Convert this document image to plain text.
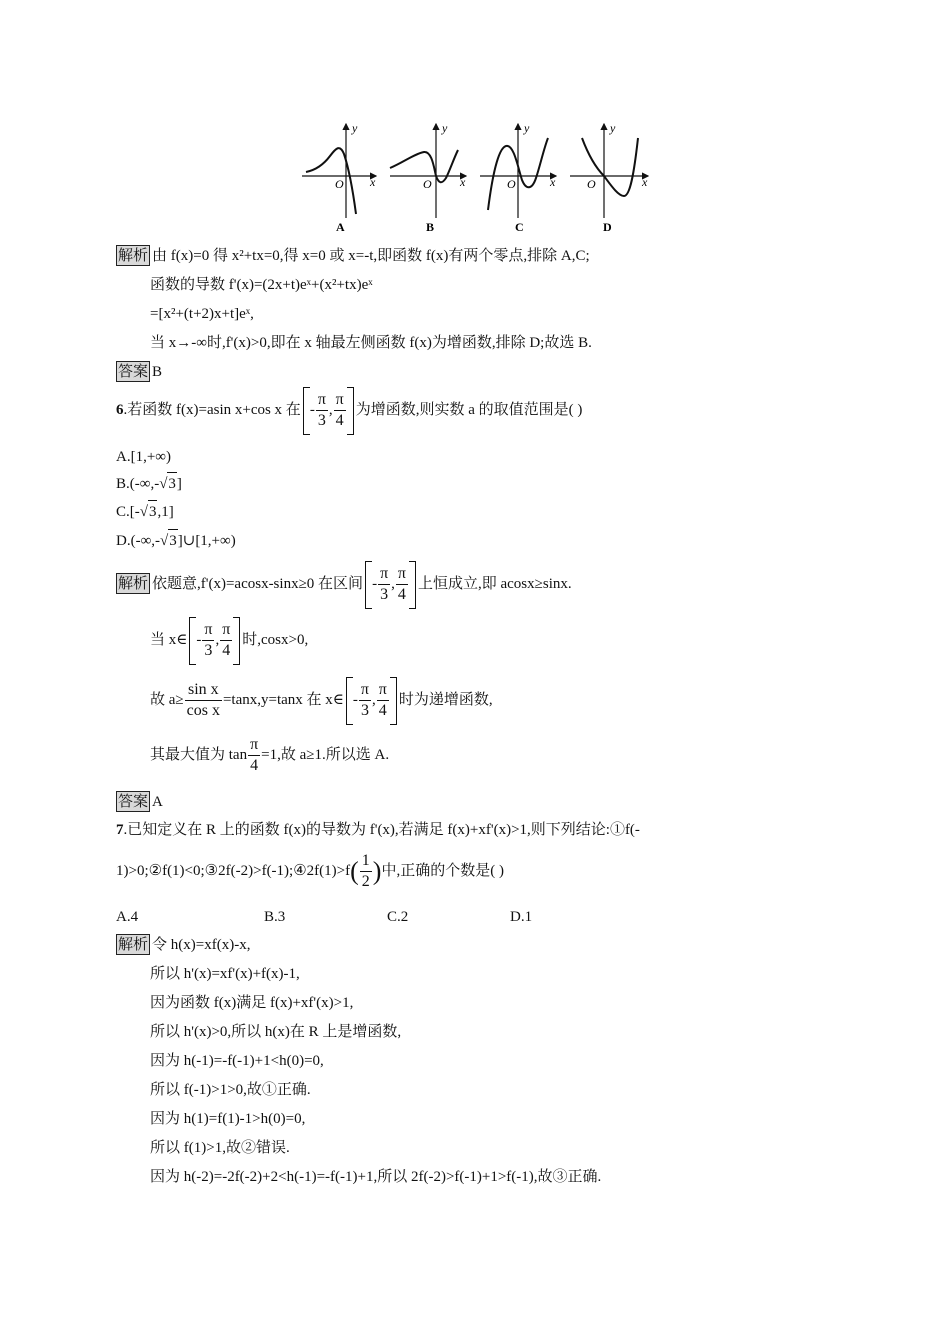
y
x
O
A
y
x
O
B
y
x
O
C
y
x
O
D
解析 由 f(x)=0 得 x²+tx=0,得 x=0 或 x=-t,即函数 f(x)有两个零点,排除 A,C;
函数的导数 f'(x)=(2x+t)eˣ+(x²+tx)eˣ
=[x²+(t+2)x+t]eˣ,
当 x→-∞时,f'(x)>0,即在 x 轴最左侧函数 f(x)为增函数,排除 D;故选 B.
答案 B
6.若函数 f(x)=asin x+cos x 在 - $\frac{\pi}{3}$ , $\frac{\pi}{4}$ 为增函数,则实数 a 的取值范围是( )
A.[1,+∞)
B.(-∞,-√3]
C.[-√3,1]
D.(-∞,-√3]∪[1,+∞)
解析 依题意,f'(x)=acosx-sinx≥0 在区间 - $\frac{\pi}{3}$ , $\frac{\pi}{4}$ 上恒成立,即 acosx≥sinx.
当 x∈ - $\frac{\pi}{3}$ , $\frac{\pi}{4}$ 时,cosx>0,
故 $a\ge \frac{\text{sin x}}{\text{cos x}} =\tan x,y=\tan x$ 在 x∈ - $\frac{\pi}{3}$ , $\frac{\pi}{4}$ 时为递增函数,
其最大值为 $\tan \frac{\pi}{4} =1$,故 a≥1.所以选 A.
答案 A
7.已知定义在 R 上的函数 f(x)的导数为 f'(x),若满足 f(x)+xf'(x)>1,则下列结论:①f(-
1)>0;②f(1)<0;③2f(-2)>f(-1);④2f(1)>f( $\frac{1}{2}$ )中,正确的个数是( )
A.4	B.3	C.2	D.1
解析 令 h(x)=xf(x)-x,
所以 h'(x)=xf'(x)+f(x)-1,
因为函数 f(x)满足 f(x)+xf'(x)>1,
所以 h'(x)>0,所以 h(x)在 R 上是增函数,
因为 h(-1)=-f(-1)+1<h(0)=0,
所以 f(-1)>1>0,故①正确.
因为 h(1)=f(1)-1>h(0)=0,
所以 f(1)>1,故②错误.
因为 h(-2)=-2f(-2)+2<h(-1)=-f(-1)+1,所以 2f(-2)>f(-1)+1>f(-1),故③正确.
